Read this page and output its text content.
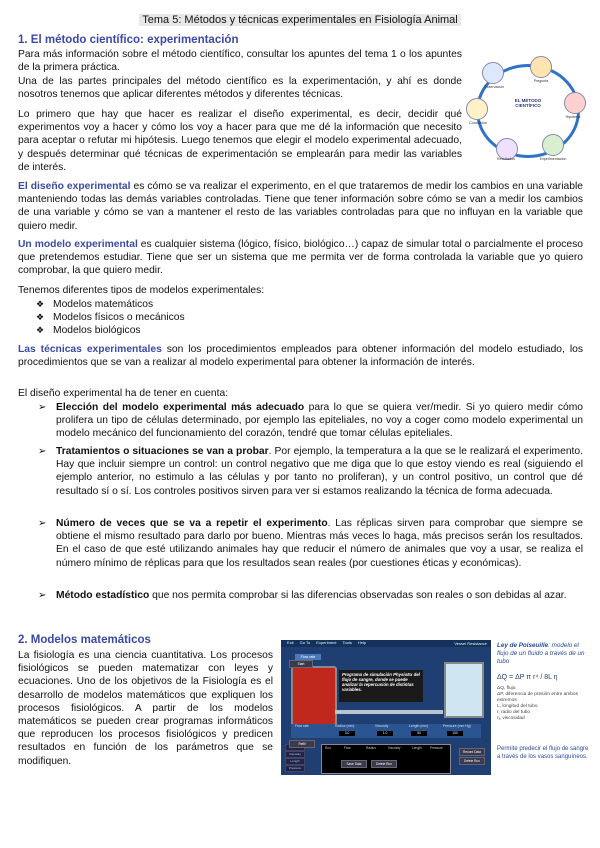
Tema 5: Métodos y técnicas experimentales en Fisiología Animal
1. El método científico: experimentación
Para más información sobre el método científico, consultar los apuntes del tema 1 o los apuntes de la primera práctica.
Una de las partes principales del método científico es la experimentación, y ahí es donde nosotros tenemos que aplicar diferentes métodos y diferentes técnicas.
Lo primero que hay que hacer es realizar el diseño experimental, es decir, decidir qué experimentos voy a hacer y cómo los voy a hacer para que me dé la información que necesito para aceptar o refutar mi hipótesis. Luego tenemos que elegir el modelo experimental adecuado, y después determinar qué técnicas de experimentación se emplearán para medir las variables de interés.
EL MÉTODO CIENTÍFICO
Observación
Pregunta
Hipótesis
Experimentación
Resultados
Conclusión
El diseño experimental es cómo se va realizar el experimento, en el que trataremos de medir los cambios en una variable manteniendo todas las demás variables controladas. Tiene que tener información sobre cómo se van a medir los cambios de una variable y cómo se van a mantener el resto de las variables controladas para que no influyan en la variable que quiero medir.
Un modelo experimental es cualquier sistema (lógico, físico, biológico…) capaz de simular total o parcialmente el proceso que pretendemos estudiar. Tiene que ser un sistema que me permita ver de forma controlada la variable que yo quiero comprobar, la que quiero medir.
Tenemos diferentes tipos de modelos experimentales:
❖ Modelos matemáticos
❖ Modelos físicos o mecánicos
❖ Modelos biológicos
Las técnicas experimentales son los procedimientos empleados para obtener información del modelo estudiado, los procedimientos que se van a realizar al modelo experimental para obtener la información de interés.
El diseño experimental ha de tener en cuenta:
➢ Elección del modelo experimental más adecuado para lo que se quiera ver/medir. Si yo quiero medir cómo prolifera un tipo de células determinado, por ejemplo las epiteliales, no voy a coger como modelo experimental un modelo mecánico del funcionamiento del corazón, tendré que tomar células epiteliales.
➢ Tratamientos o situaciones se van a probar. Por ejemplo, la temperatura a la que se le realizará el experimento. Hay que incluir siempre un control: un control negativo que me diga que lo que estoy viendo es real (siguiendo el ejemplo anterior, no estimulo a las células y por tanto no proliferan), y un control positivo, un control que dé resultado sí o sí. Los controles positivos sirven para ver si estamos realizando la técnica de forma adecuada.
➢ Número de veces que se va a repetir el experimento. Las réplicas sirven para comprobar que siempre se obtiene el mismo resultado para darlo por bueno. Mientras más veces lo haga, más precisos serán los resultados. En el caso de que esté utilizando animales hay que reducir el número de animales que voy a usar, se realiza el número mínimo de réplicas para que los resultados sean reales (por cuestiones éticas y económicas).
➢ Método estadístico que nos permita comprobar si las diferencias observadas son reales o son debidas al azar.
2. Modelos matemáticos
La fisiología es una ciencia cuantitativa. Los procesos fisiológicos se pueden matematizar con leyes y ecuaciones. Uno de los objetivos de la Fisiología es el desarrollo de modelos matemáticos que expliquen los procesos fisiológicos. A partir de los modelos matemáticos se pueden crear programas informáticos que reproducen los procesos fisiológicos y predicen resultados en función de los parámetros que se modifiquen.
Exit Go To Experiment Tools Help	Vessel Resistance
Flow rate
Programa de simulación PhysioEx del flujo de sangre, donde se puede analizar la repercusión de distintas variables.
Flow rate	Radius (mm)	Viscosity	Length (mm)	Pressure (mm Hg)
3.0	1.0	50	100
Viscosity
Length
Pressure
Run	Flow	Radius	Viscosity	Length	Pressure
Start
Refill
Record Data
Delete Run
Save Data	Delete Run
Ley de Poiseuille: modelo el flujo de un fluido a través de un tubo
ΔQ = ΔP π r⁴ / 8L η
ΔQ, flujo
ΔP, diferencia de presión entre ambos extremos
L, longitud del tubo
r, radio del tubo
η, viscosidad
Permite predecir el flujo de sangre a través de los vasos sanguíneos.
